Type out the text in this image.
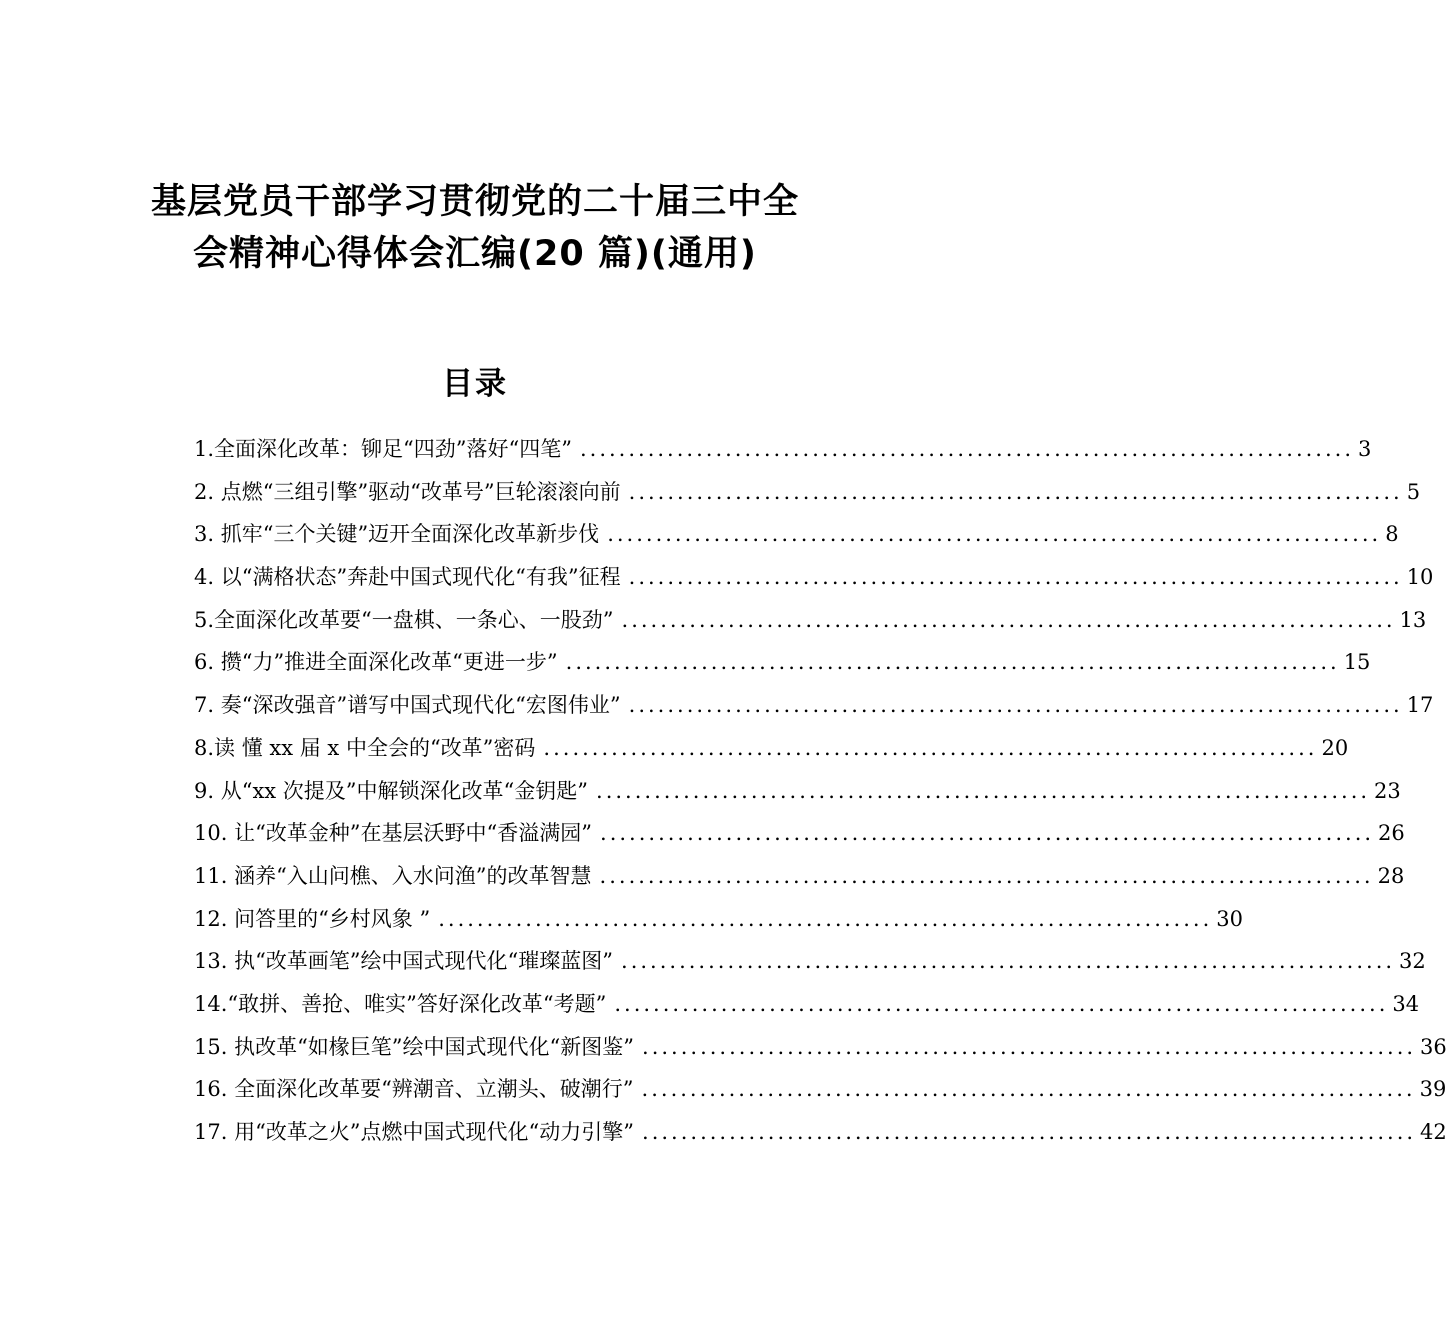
基层党员干部学习贯彻党的二十届三中全
会精神心得体会汇编(20 篇)(通用)
目录
1.全面深化改革：铆足“四劲”落好“四笔” ................................................................................ 3
2. 点燃“三组引擎”驱动“改革号”巨轮滚滚向前 ................................................................................ 5
3. 抓牢“三个关键”迈开全面深化改革新步伐 ................................................................................ 8
4. 以“满格状态”奔赴中国式现代化“有我”征程 ................................................................................ 10
5.全面深化改革要“一盘棋、一条心、一股劲” ................................................................................ 13
6. 攒“力”推进全面深化改革“更进一步” ................................................................................ 15
7. 奏“深改强音”谱写中国式现代化“宏图伟业” ................................................................................ 17
8.读 懂 xx 届 x 中全会的“改革”密码 ................................................................................ 20
9. 从“xx 次提及”中解锁深化改革“金钥匙” ................................................................................ 23
10. 让“改革金种”在基层沃野中“香溢满园” ................................................................................ 26
11. 涵养“入山问樵、入水问渔”的改革智慧 ................................................................................ 28
12. 问答里的“乡村风象 ” ................................................................................ 30
13. 执“改革画笔”绘中国式现代化“璀璨蓝图” ................................................................................ 32
14.“敢拼、善抢、唯实”答好深化改革“考题” ................................................................................ 34
15. 执改革“如椽巨笔”绘中国式现代化“新图鉴” ................................................................................ 36
16. 全面深化改革要“辨潮音、立潮头、破潮行” ................................................................................ 39
17. 用“改革之火”点燃中国式现代化“动力引擎” ................................................................................ 42
